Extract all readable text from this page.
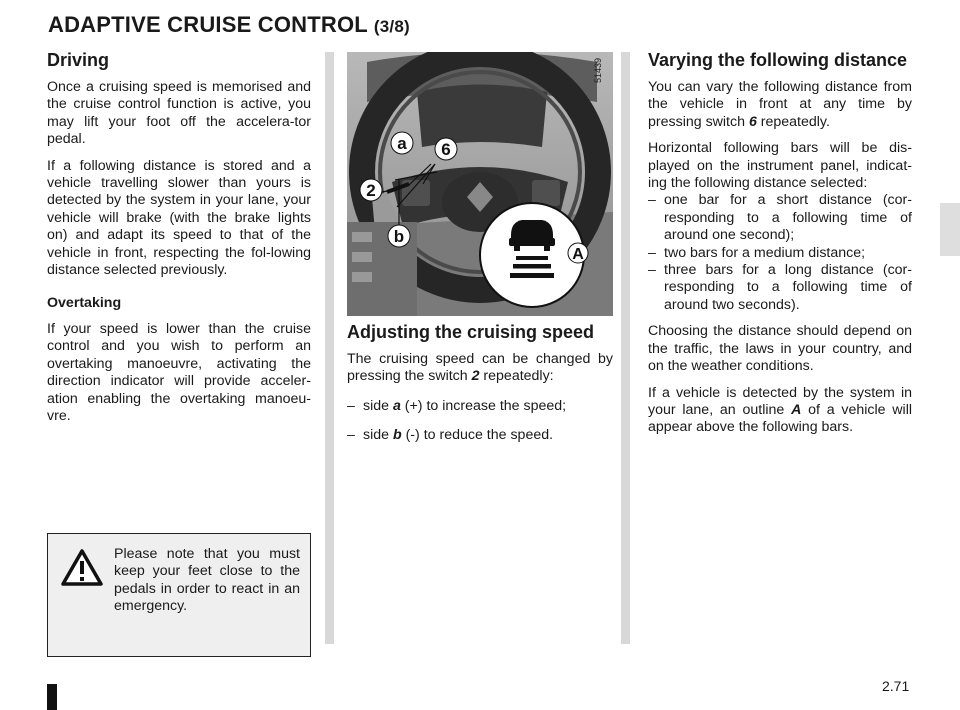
ADAPTIVE CRUISE CONTROL (3/8)
Driving

Once a cruising speed is memorised and the cruise control function is active, you may lift your foot off the accelera-tor pedal.

If a following distance is stored and a vehicle travelling slower than yours is detected by the system in your lane, your vehicle will brake (with the brake lights on) and adapt its speed to that of the vehicle in front, respecting the fol-lowing distance selected previously.

Overtaking

If your speed is lower than the cruise control and you wish to perform an overtaking manoeuvre, activating the direction indicator will provide acceler-ation enabling the overtaking manoeu-vre.

Please note that you must keep your feet close to the pedals in order to react in an emergency.
51439
a 6
2
b
A
Adjusting the cruising speed

The cruising speed can be changed by pressing the switch 2 repeatedly:

– side a (+) to increase the speed;
– side b (-) to reduce the speed.
Varying the following distance

You can vary the following distance from the vehicle in front at any time by pressing switch 6 repeatedly.

Horizontal following bars will be dis-played on the instrument panel, indicat-ing the following distance selected:

– one bar for a short distance (cor-responding to a following time of around one second);
– two bars for a medium distance;
– three bars for a long distance (cor-responding to a following time of around two seconds).

Choosing the distance should depend on the traffic, the laws in your country, and on the weather conditions.

If a vehicle is detected by the system in your lane, an outline A of a vehicle will appear above the following bars.

2.71
